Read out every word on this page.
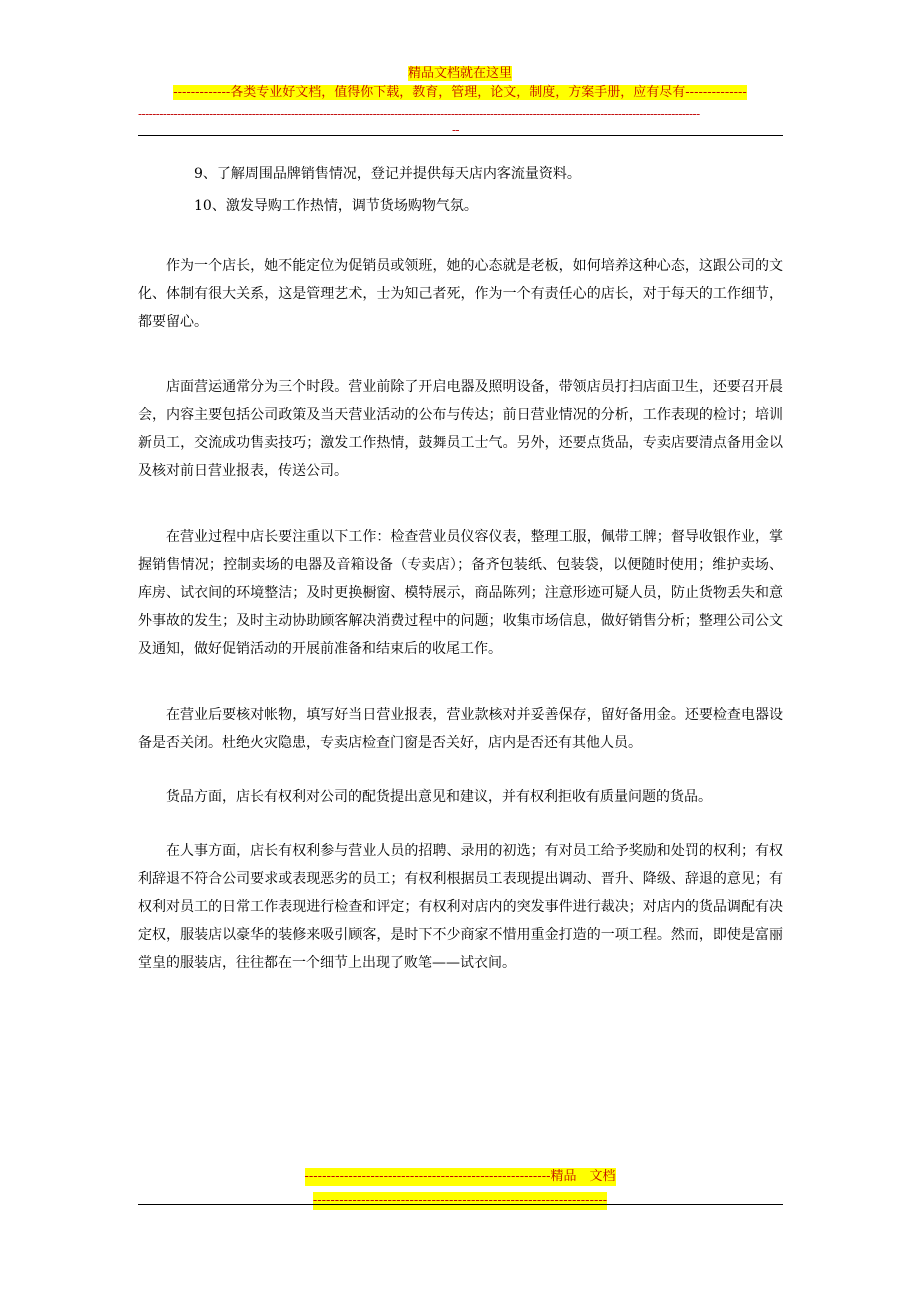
精品文档就在这里
-------------各类专业好文档，值得你下载，教育，管理，论文，制度，方案手册，应有尽有--------------
--------------------------------------------------------------------------------------------------------------------------------------------------------------
--

9、了解周围品牌销售情况，登记并提供每天店内客流量资料。

10、激发导购工作热情，调节货场购物气氛。

作为一个店长，她不能定位为促销员或领班，她的心态就是老板，如何培养这种心态，这跟公司的文化、体制有很大关系，这是管理艺术，士为知己者死，作为一个有责任心的店长，对于每天的工作细节，都要留心。

店面营运通常分为三个时段。营业前除了开启电器及照明设备，带领店员打扫店面卫生，还要召开晨会，内容主要包括公司政策及当天营业活动的公布与传达；前日营业情况的分析，工作表现的检讨；培训新员工，交流成功售卖技巧；激发工作热情，鼓舞员工士气。另外，还要点货品，专卖店要清点备用金以及核对前日营业报表，传送公司。

在营业过程中店长要注重以下工作：检查营业员仪容仪表，整理工服，佩带工牌；督导收银作业，掌握销售情况；控制卖场的电器及音箱设备（专卖店）；备齐包装纸、包装袋，以便随时使用；维护卖场、库房、试衣间的环境整洁；及时更换橱窗、模特展示，商品陈列；注意形迹可疑人员，防止货物丢失和意外事故的发生；及时主动协助顾客解决消费过程中的问题；收集市场信息，做好销售分析；整理公司公文及通知，做好促销活动的开展前准备和结束后的收尾工作。

在营业后要核对帐物，填写好当日营业报表，营业款核对并妥善保存，留好备用金。还要检查电器设备是否关闭。杜绝火灾隐患，专卖店检查门窗是否关好，店内是否还有其他人员。

货品方面，店长有权利对公司的配货提出意见和建议，并有权利拒收有质量问题的货品。

在人事方面，店长有权利参与营业人员的招聘、录用的初选；有对员工给予奖励和处罚的权利；有权利辞退不符合公司要求或表现恶劣的员工；有权利根据员工表现提出调动、晋升、降级、辞退的意见；有权利对员工的日常工作表现进行检查和评定；有权利对店内的突发事件进行裁决；对店内的货品调配有决定权，服装店以豪华的装修来吸引顾客，是时下不少商家不惜用重金打造的一项工程。然而，即使是富丽堂皇的服装店，往往都在一个细节上出现了败笔——试衣间。

--------------------------------------------------------精品　文档
-------------------------------------------------------------------
